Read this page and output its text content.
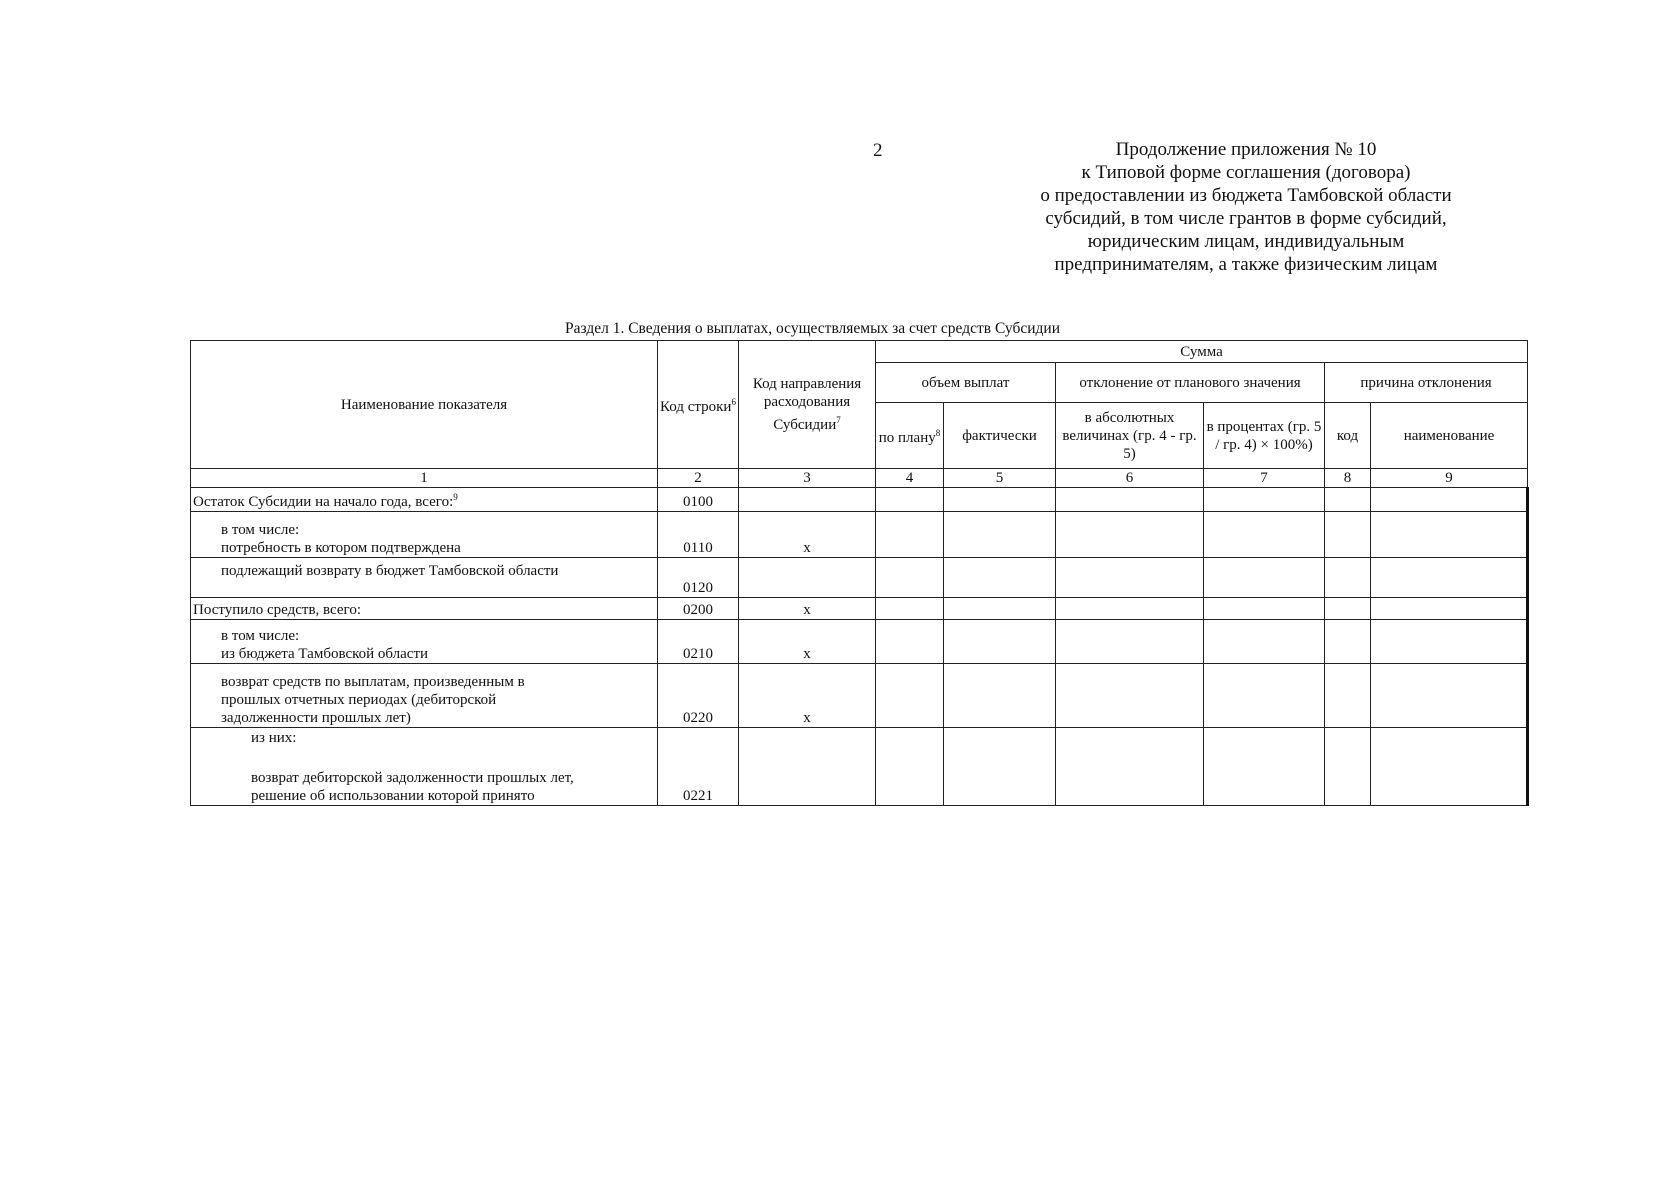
2	Продолжение приложения № 10
к Типовой форме соглашения (договора)
о предоставлении из бюджета Тамбовской области
субсидий, в том числе грантов в форме субсидий,
юридическим лицам, индивидуальным
предпринимателям, а также физическим лицам
Раздел 1. Сведения о выплатах, осуществляемых за счет средств Субсидии
Наименование показателя	Код строки$^6$	Код направления расходования Субсидии$^7$	Сумма					
			объем выплат		отклонение от планового значения		причина отклонения	
			по плану$^8$	фактически	в абсолютных величинах (гр. 4 - гр. 5)	в процентах (гр. 5 / гр. 4) × 100%)	код	наименование
1	2	3	4	5	6	7	8	9
Остаток Субсидии на начало года, всего:$^9$	0100							

в том числе:
потребность в котором подтверждена	0110	x						
подлежащий возврату в бюджет Тамбовской области	0120							
Поступило средств, всего:	0200	x						

в том числе:
из бюджета Тамбовской области	0210	x						

возврат средств по выплатам, произведенным в
прошлых отчетных периодах (дебиторской
задолженности прошлых лет)	0220	x						

из них:
возврат дебиторской задолженности прошлых лет,
решение об использовании которой принято	0221							
